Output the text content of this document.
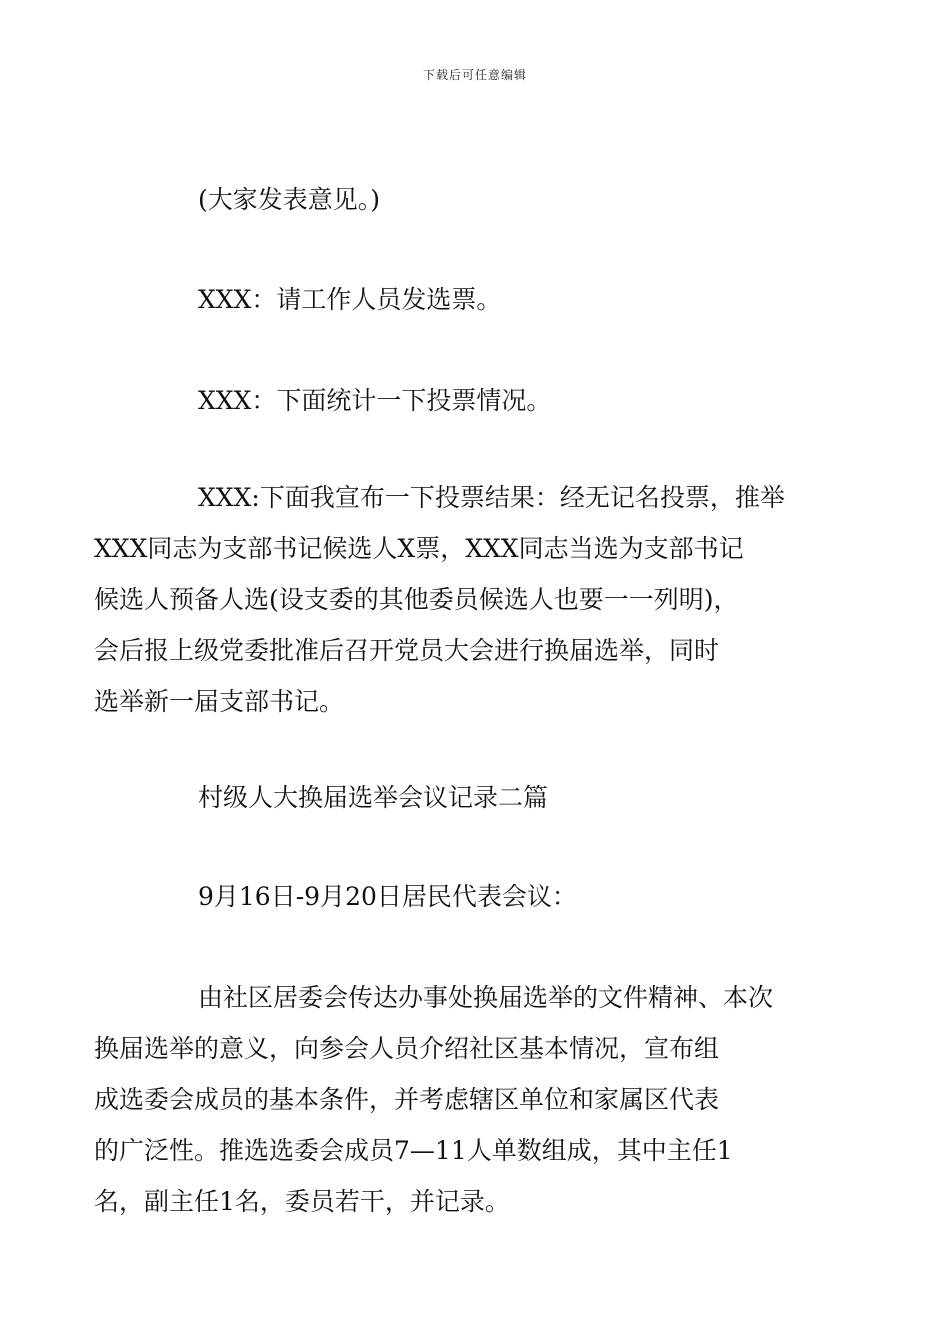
下载后可任意编辑

(大家发表意见。)

XXX：请工作人员发选票。

XXX：下面统计一下投票情况。

XXX:下面我宣布一下投票结果：经无记名投票，推举
XXX同志为支部书记候选人X票，XXX同志当选为支部书记
候选人预备人选(设支委的其他委员候选人也要一一列明)，
会后报上级党委批准后召开党员大会进行换届选举，同时
选举新一届支部书记。

村级人大换届选举会议记录二篇

9月16日-9月20日居民代表会议：

由社区居委会传达办事处换届选举的文件精神、本次
换届选举的意义，向参会人员介绍社区基本情况，宣布组
成选委会成员的基本条件，并考虑辖区单位和家属区代表
的广泛性。推选选委会成员7—11人单数组成，其中主任1
名，副主任1名，委员若干，并记录。
